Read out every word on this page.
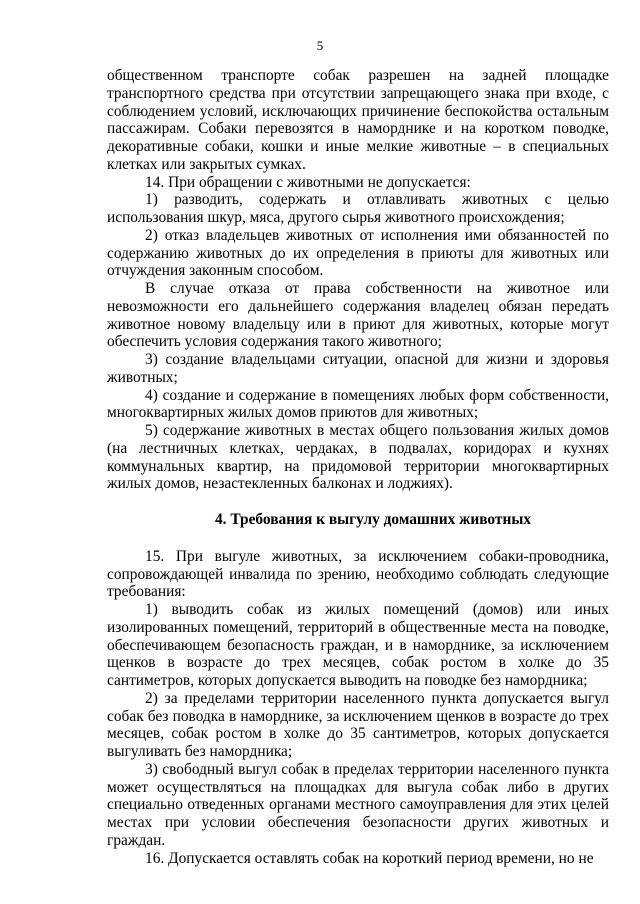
5

общественном транспорте собак разрешен на задней площадке транспортного средства при отсутствии запрещающего знака при входе, с соблюдением условий, исключающих причинение беспокойства остальным пассажирам. Собаки перевозятся в наморднике и на коротком поводке, декоративные собаки, кошки и иные мелкие животные – в специальных клетках или закрытых сумках.

14. При обращении с животными не допускается:

1) разводить, содержать и отлавливать животных с целью использования шкур, мяса, другого сырья животного происхождения;

2) отказ владельцев животных от исполнения ими обязанностей по содержанию животных до их определения в приюты для животных или отчуждения законным способом.

В случае отказа от права собственности на животное или невозможности его дальнейшего содержания владелец обязан передать животное новому владельцу или в приют для животных, которые могут обеспечить условия содержания такого животного;

3) создание владельцами ситуации, опасной для жизни и здоровья животных;

4) создание и содержание в помещениях любых форм собственности, многоквартирных жилых домов приютов для животных;

5) содержание животных в местах общего пользования жилых домов (на лестничных клетках, чердаках, в подвалах, коридорах и кухнях коммунальных квартир, на придомовой территории многоквартирных жилых домов, незастекленных балконах и лоджиях).

4. Требования к выгулу домашних животных

15. При выгуле животных, за исключением собаки-проводника, сопровождающей инвалида по зрению, необходимо соблюдать следующие требования:

1) выводить собак из жилых помещений (домов) или иных изолированных помещений, территорий в общественные места на поводке, обеспечивающем безопасность граждан, и в наморднике, за исключением щенков в возрасте до трех месяцев, собак ростом в холке до 35 сантиметров, которых допускается выводить на поводке без намордника;

2) за пределами территории населенного пункта допускается выгул собак без поводка в наморднике, за исключением щенков в возрасте до трех месяцев, собак ростом в холке до 35 сантиметров, которых допускается выгуливать без намордника;

3) свободный выгул собак в пределах территории населенного пункта может осуществляться на площадках для выгула собак либо в других специально отведенных органами местного самоуправления для этих целей местах при условии обеспечения безопасности других животных и граждан.

16. Допускается оставлять собак на короткий период времени, но не
